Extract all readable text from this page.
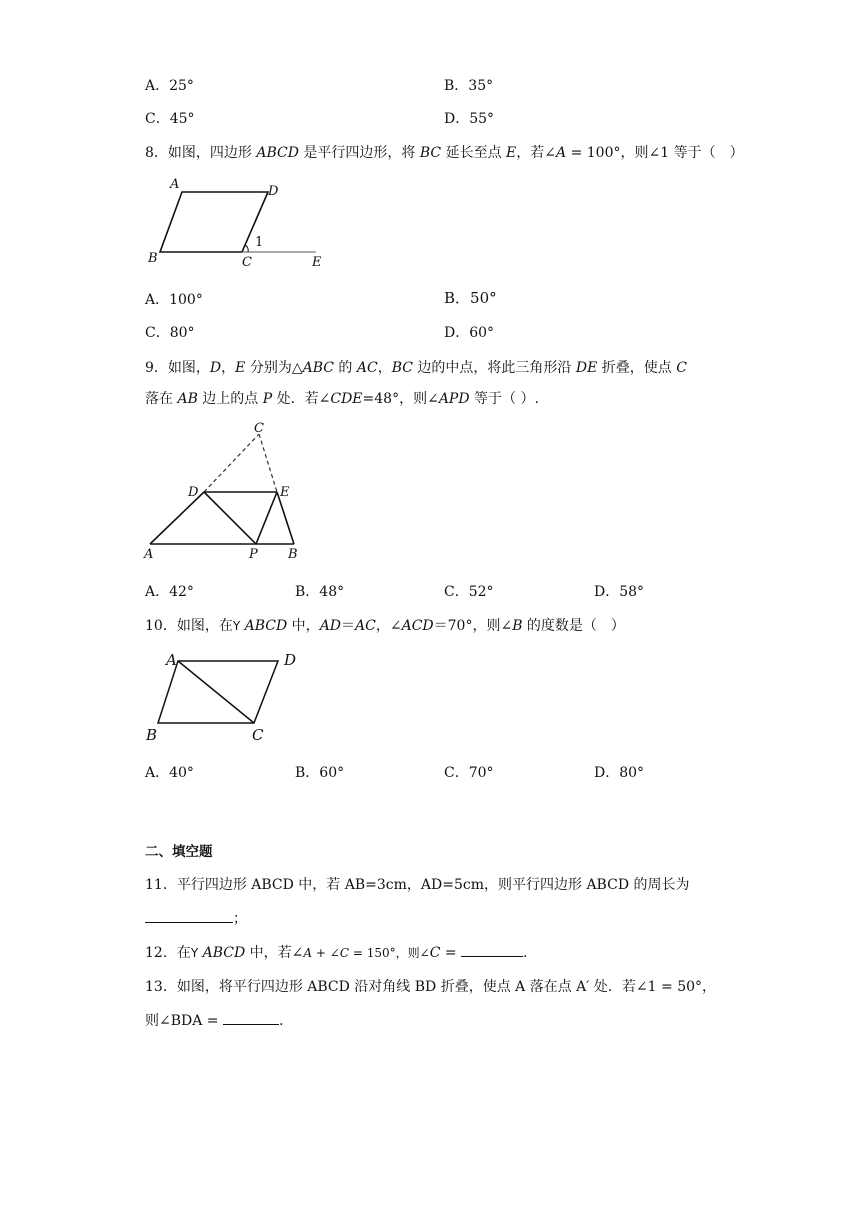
A．25°	B．35°
C．45°	D．55°
8．如图，四边形 ABCD 是平行四边形，将 BC 延长至点 E，若∠A = 100°，则∠1 等于（　）
A	D
B	C	E
1
A．100°	B．50°
C．80°	D．60°
9．如图，D，E 分别为△ABC 的 AC，BC 边的中点，将此三角形沿 DE 折叠，使点 C
落在 AB 边上的点 P 处．若∠CDE=48°，则∠APD 等于（ ）.
C
D	E
A	P B
A．42°	B．48°	C．52°	D．58°
10．如图，在Y ABCD 中，AD＝AC，∠ACD＝70°，则∠B 的度数是（　）
A	D
B	C
A．40°	B．60°	C．70°	D．80°
二、填空题
11．平行四边形 ABCD 中，若 AB=3cm，AD=5cm，则平行四边形 ABCD 的周长为
；
12．在Y ABCD 中，若∠A + ∠C = 150°，则∠C =	.
13．如图，将平行四边形 ABCD 沿对角线 BD 折叠，使点 A 落在点 A′ 处．若∠1 = 50°，
则∠BDA =	.
